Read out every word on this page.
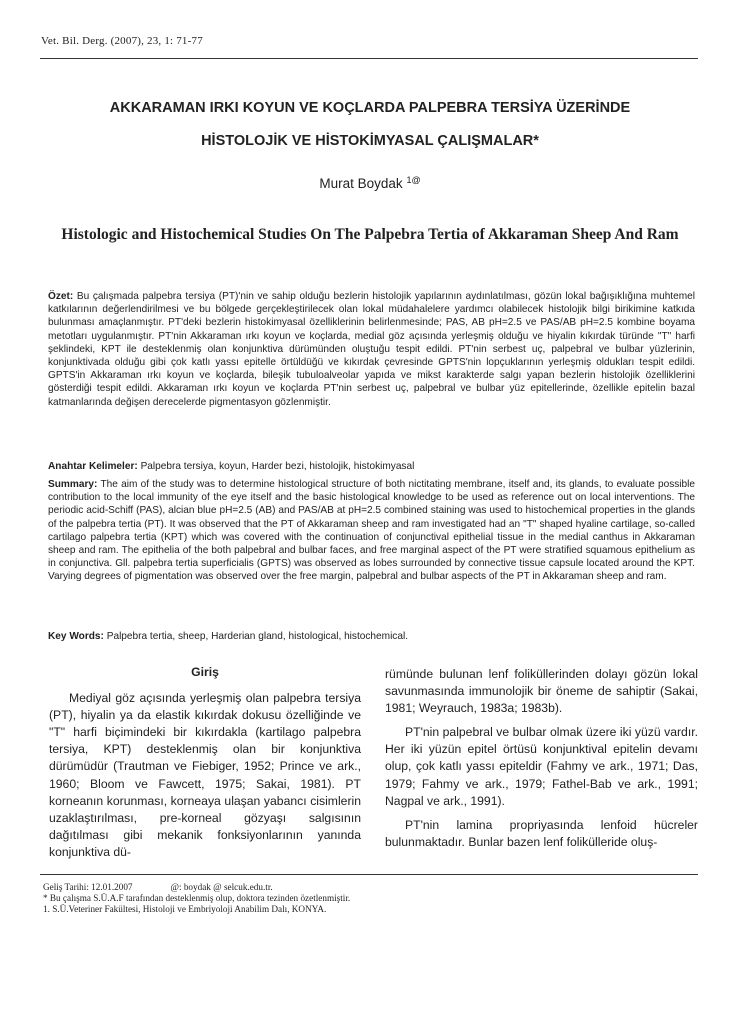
Vet. Bil. Derg. (2007), 23, 1: 71-77
AKKARAMAN IRKI KOYUN VE KOÇLARDA PALPEBRA TERSİYA ÜZERİNDE
HİSTOLOJİK VE HİSTOKİMYASAL ÇALIŞMALAR*
Murat Boydak $^{1@}$
Histologic and Histochemical Studies On The Palpebra Tertia of Akkaraman Sheep And Ram
Özet: Bu çalışmada palpebra tersiya (PT)'nin ve sahip olduğu bezlerin histolojik yapılarının aydınlatılması, gözün lokal bağışıklığına muhtemel katkılarının değerlendirilmesi ve bu bölgede gerçekleştirilecek olan lokal müdahalelere yardımcı olabilecek histolojik bilgi birikimine katkıda bulunması amaçlanmıştır. PT'deki bezlerin histokimyasal özelliklerinin belirlenmesinde; PAS, AB pH=2.5 ve PAS/AB pH=2.5 kombine boyama metotları uygulanmıştır. PT'nin Akkaraman ırkı koyun ve koçlarda, medial göz açısında yerleşmiş olduğu ve hiyalin kıkırdak türünde "T" harfi şeklindeki, KPT ile desteklenmiş olan konjunktiva dürümünden oluştuğu tespit edildi. PT'nin serbest uç, palpebral ve bulbar yüzlerinin, konjunktivada olduğu gibi çok katlı yassı epitelle örtüldüğü ve kıkırdak çevresinde GPTS'nin lopçuklarının yerleşmiş oldukları tespit edildi. GPTS'in Akkaraman ırkı koyun ve koçlarda, bileşik tubuloalveolar yapıda ve mikst karakterde salgı yapan bezlerin histolojik özelliklerini gösterdiği tespit edildi. Akkaraman ırkı koyun ve koçlarda PT'nin serbest uç, palpebral ve bulbar yüz epitellerinde, özellikle epitelin bazal katmanlarında değişen derecelerde pigmentasyon gözlenmiştir.
Anahtar Kelimeler: Palpebra tersiya, koyun, Harder bezi, histolojik, histokimyasal
Summary: The aim of the study was to determine histological structure of both nictitating membrane, itself and, its glands, to evaluate possible contribution to the local immunity of the eye itself and the basic histological knowledge to be used as reference out on local interventions. The periodic acid-Schiff (PAS), alcian blue pH=2.5 (AB) and PAS/AB at pH=2.5 combined staining was used to histochemical properties in the glands of the palpebra tertia (PT). It was observed that the PT of Akkaraman sheep and ram investigated had an "T" shaped hyaline cartilage, so-called cartilago palpebra tertia (KPT) which was covered with the continuation of conjunctival epithelial tissue in the medial canthus in Akkaraman sheep and ram. The epithelia of the both palpebral and bulbar faces, and free marginal aspect of the PT were stratified squamous epithelium as in conjunctiva. Gll. palpebra tertia superficialis (GPTS) was observed as lobes surrounded by connective tissue capsule located around the KPT. Varying degrees of pigmentation was observed over the free margin, palpebral and bulbar aspects of the PT in Akkaraman sheep and ram.
Key Words: Palpebra tertia, sheep, Harderian gland, histological, histochemical.
Giriş

Mediyal göz açısında yerleşmiş olan palpebra tersiya (PT), hiyalin ya da elastik kıkırdak dokusu özelliğinde ve "T" harfi biçimindeki bir kıkırdakla (kartilago palpebra tersiya, KPT) desteklenmiş olan bir konjunktiva dürümüdür (Trautman ve Fiebiger, 1952; Prince ve ark., 1960; Bloom ve Fawcett, 1975; Sakai, 1981). PT korneanın korunması, korneaya ulaşan yabancı cisimlerin uzaklaştırılması, pre-korneal gözyaşı salgısının dağıtılması gibi mekanik fonksiyonlarının yanında konjunktiva dü-

rümünde bulunan lenf foliküllerinden dolayı gözün lokal savunmasında immunolojik bir öneme de sahiptir (Sakai, 1981; Weyrauch, 1983a; 1983b).

PT'nin palpebral ve bulbar olmak üzere iki yüzü vardır. Her iki yüzün epitel örtüsü konjunktival epitelin devamı olup, çok katlı yassı epiteldir (Fahmy ve ark., 1971; Das, 1979; Fahmy ve ark., 1979; Fathel-Bab ve ark., 1991; Nagpal ve ark., 1991).

PT'nin lamina propriyasında lenfoid hücreler bulunmaktadır. Bunlar bazen lenf folikülleride oluş-

Geliş Tarihi: 12.01.2007	@: boydak @ selcuk.edu.tr.
* Bu çalışma S.Ü.A.F tarafından desteklenmiş olup, doktora tezinden özetlenmiştir.
1. S.Ü.Veteriner Fakültesi, Histoloji ve Embriyoloji Anabilim Dalı, KONYA.
